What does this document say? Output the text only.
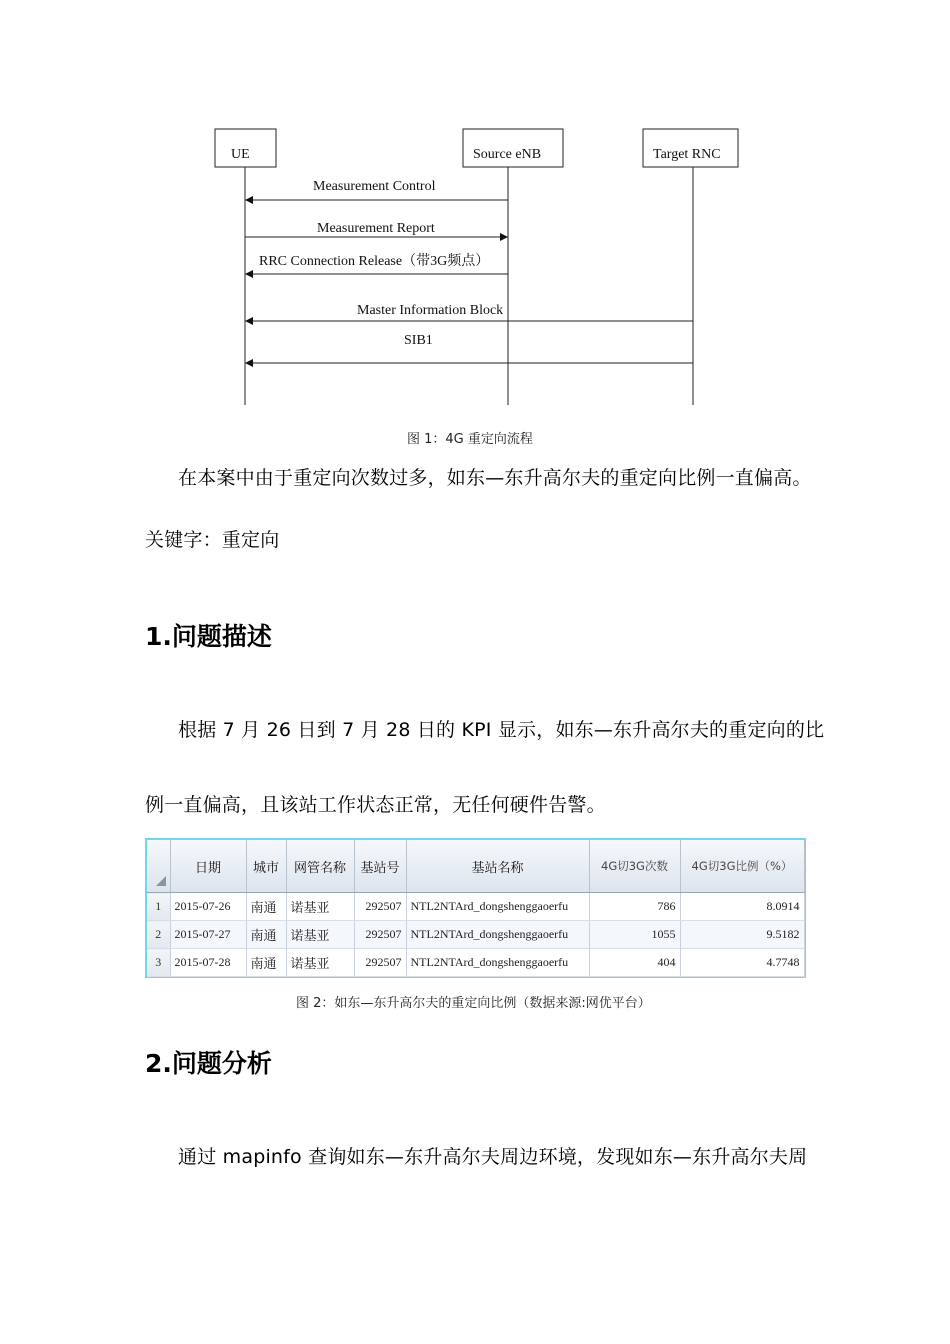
UE	Source eNB	Target RNC
Measurement Control
Measurement Report
RRC Connection Release（带3G频点）
Master Information Block
SIB1
图 1：4G 重定向流程
在本案中由于重定向次数过多，如东—东升高尔夫的重定向比例一直偏高。
关键字：重定向
1.问题描述
根据 7 月 26 日到 7 月 28 日的 KPI 显示，如东—东升高尔夫的重定向的比
例一直偏高，且该站工作状态正常，无任何硬件告警。
	日期	城市	网管名称	基站号	基站名称	4G切3G次数	4G切3G比例（%）
1	2015-07-26	南通	诺基亚	292507	NTL2NTArd_dongshenggaoerfu	786	8.0914
2	2015-07-27	南通	诺基亚	292507	NTL2NTArd_dongshenggaoerfu	1055	9.5182
3	2015-07-28	南通	诺基亚	292507	NTL2NTArd_dongshenggaoerfu	404	4.7748
图 2：如东—东升高尔夫的重定向比例（数据来源:网优平台）
2.问题分析
通过 mapinfo 查询如东—东升高尔夫周边环境，发现如东—东升高尔夫周
